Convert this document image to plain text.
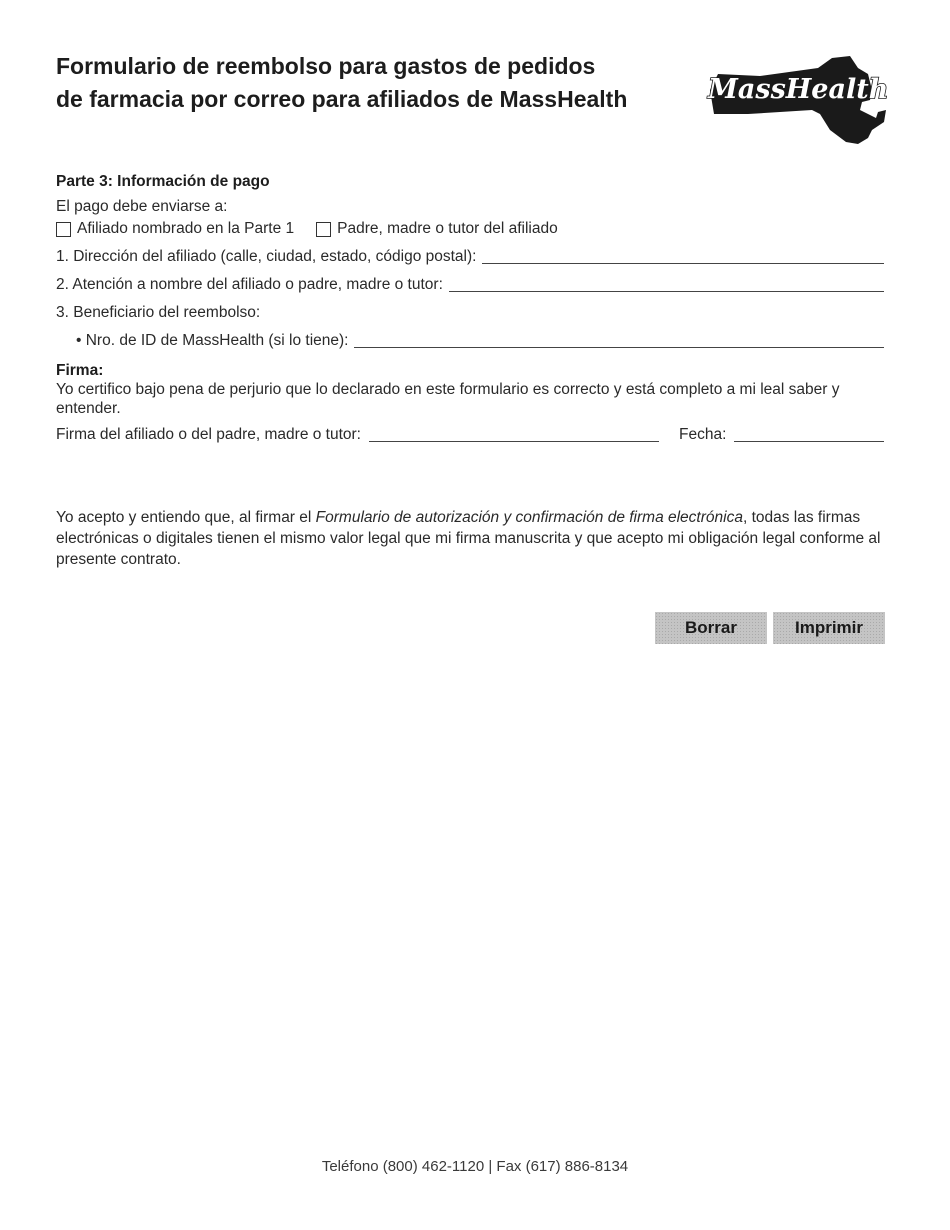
Formulario de reembolso para gastos de pedidos
de farmacia por correo para afiliados de MassHealth	MassHealth
Parte 3: Información de pago
El pago debe enviarse a:
Afiliado nombrado en la Parte 1	Padre, madre o tutor del afiliado
1. Dirección del afiliado (calle, ciudad, estado, código postal):
2. Atención a nombre del afiliado o padre, madre o tutor:
3. Beneficiario del reembolso:
• Nro. de ID de MassHealth (si lo tiene):
Firma:

Yo certifico bajo pena de perjurio que lo declarado en este formulario es correcto y está completo a mi leal saber y entender.

Firma del afiliado o del padre, madre o tutor:	Fecha:

Yo acepto y entiendo que, al firmar el Formulario de autorización y confirmación de firma electrónica, todas las firmas electrónicas o digitales tienen el mismo valor legal que mi firma manuscrita y que acepto mi obligación legal conforme al presente contrato.

Borrar	Imprimir
Teléfono (800) 462-1120 | Fax (617) 886-8134
